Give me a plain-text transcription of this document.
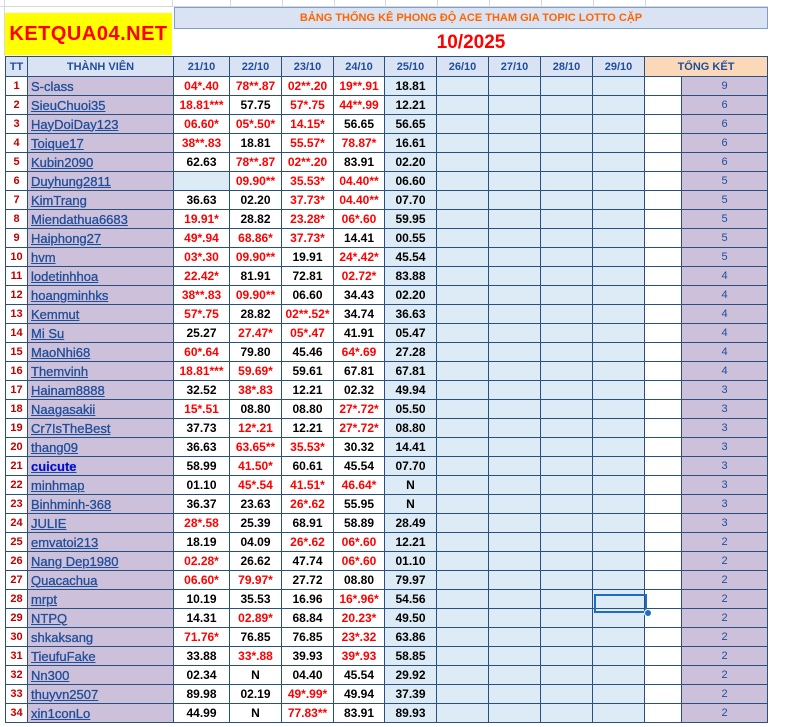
KETQUA04.NET
BẢNG THỐNG KÊ PHONG ĐỘ ACE THAM GIA TOPIC LOTTO CẶP
10/2025
TT	THÀNH VIÊN	21/10	22/10	23/10	24/10	25/10	26/10	27/10	28/10	29/10	TỔNG KẾT	
1	S-class	04*.40	78**.87	02**.20	19**.91	18.81						9
2	SieuChuoi35	18.81***	57.75	57*.75	44**.99	12.21						6
3	HayDoiDay123	06.60*	05*.50*	14.15*	56.65	56.65						6
4	Toique17	38**.83	18.81	55.57*	78.87*	16.61						6
5	Kubin2090	62.63	78**.87	02**.20	83.91	02.20						6
6	Duyhung2811		09.90**	35.53*	04.40**	06.60						5
7	KimTrang	36.63	02.20	37.73*	04.40**	07.70						5
8	Miendathua6683	19.91*	28.82	23.28*	06*.60	59.95						5
9	Haiphong27	49*.94	68.86*	37.73*	14.41	00.55						5
10	hvm	03*.30	09.90**	19.91	24*.42*	45.54						5
11	lodetinhhoa	22.42*	81.91	72.81	02.72*	83.88						4
12	hoangminhks	38**.83	09.90**	06.60	34.43	02.20						4
13	Kemmut	57*.75	28.82	02**.52*	34.74	36.63						4
14	Mi Su	25.27	27.47*	05*.47	41.91	05.47						4
15	MaoNhi68	60*.64	79.80	45.46	64*.69	27.28						4
16	Themvinh	18.81***	59.69*	59.61	67.81	67.81						4
17	Hainam8888	32.52	38*.83	12.21	02.32	49.94						3
18	Naagasakii	15*.51	08.80	08.80	27*.72*	05.50						3
19	Cr7IsTheBest	37.73	12*.21	12.21	27*.72*	08.80						3
20	thang09	36.63	63.65**	35.53*	30.32	14.41						3
21	cuicute	58.99	41.50*	60.61	45.54	07.70						3
22	minhmap	01.10	45*.54	41.51*	46.64*	N						3
23	Binhminh-368	36.37	23.63	26*.62	55.95	N						3
24	JULIE	28*.58	25.39	68.91	58.89	28.49						3
25	emvatoi213	18.19	04.09	26*.62	06*.60	12.21						2
26	Nang Dep1980	02.28*	26.62	47.74	06*.60	01.10						2
27	Quacachua	06.60*	79.97*	27.72	08.80	79.97						2
28	mrpt	10.19	35.53	16.96	16*.96*	54.56						2
29	NTPQ	14.31	02.89*	68.84	20.23*	49.50						2
30	shkaksang	71.76*	76.85	76.85	23*.32	63.86						2
31	TieufuFake	33.88	33*.88	39.93	39*.93	58.85						2
32	Nn300	02.34	N	04.40	45.54	29.92						2
33	thuyvn2507	89.98	02.19	49*.99*	49.94	37.39						2
34	xin1conLo	44.99	N	77.83**	83.91	89.93						2
